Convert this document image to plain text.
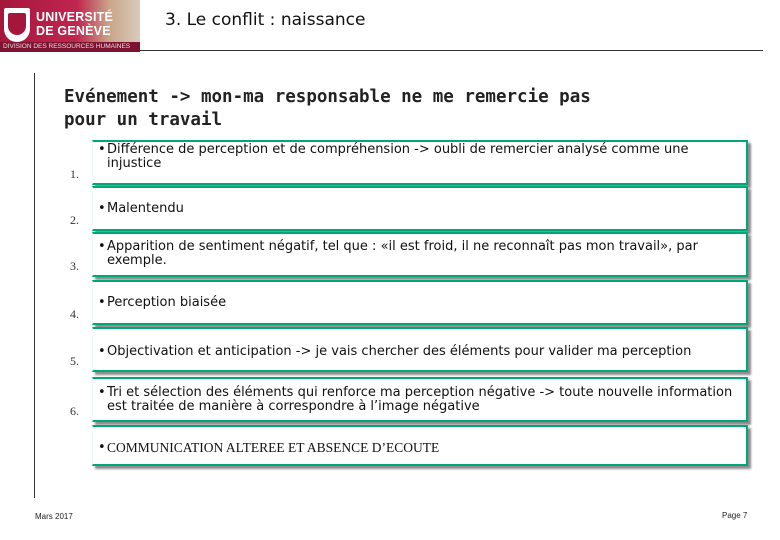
UNIVERSITÉ
DE GENÈVE
DIVISION DES RESSOURCES HUMAINES
3. Le conflit : naissance
Evénement -> mon-ma responsable ne me remercie pas
pour un travail
1.
• Différence de perception et de compréhension -> oubli de remercier analysé comme une injustice
2.
• Malentendu
3.
• Apparition de sentiment négatif, tel que : «il est froid, il ne reconnaît pas mon travail», par exemple.
4.
• Perception biaisée
5.
• Objectivation et anticipation -> je vais chercher des éléments pour valider ma perception
6.
• Tri et sélection des éléments qui renforce ma perception négative -> toute nouvelle information est traitée de manière à correspondre à l’image négative
• COMMUNICATION ALTEREE ET ABSENCE D’ECOUTE
Mars 2017	Page 7
